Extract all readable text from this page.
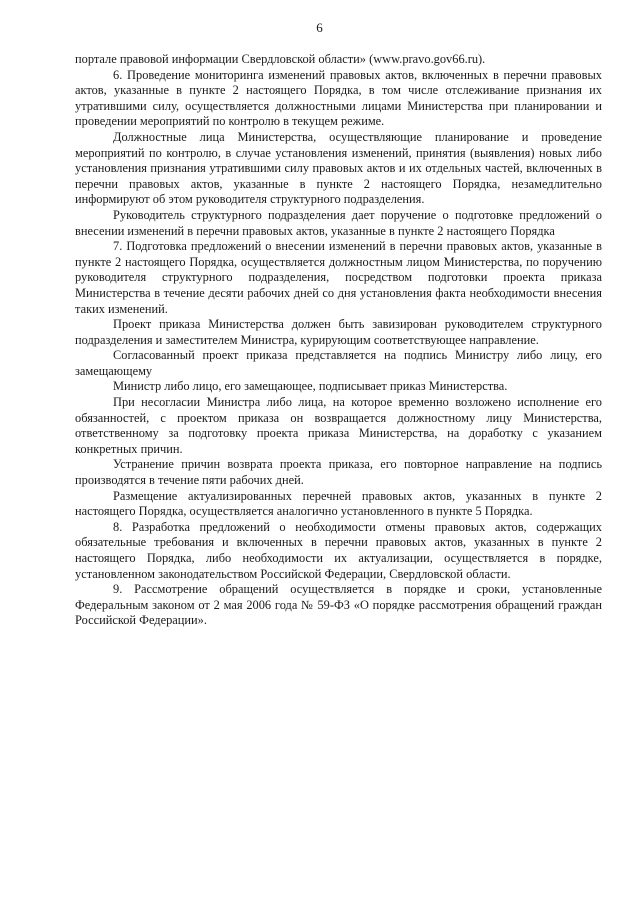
6

порталe правовой информации Свердловской области» (www.pravo.gov66.ru).

6. Проведение мониторинга изменений правовых актов, включенных в перечни правовых актов, указанные в пункте 2 настоящего Порядка, в том числе отслеживание признания их утратившими силу, осуществляется должностными лицами Министерства при планировании и проведении мероприятий по контролю в текущем режиме.

Должностные лица Министерства, осуществляющие планирование и проведение мероприятий по контролю, в случае установления изменений, принятия (выявления) новых либо установления признания утратившими силу правовых актов и их отдельных частей, включенных в перечни правовых актов, указанные в пункте 2 настоящего Порядка, незамедлительно информируют об этом руководителя структурного подразделения.

Руководитель структурного подразделения дает поручение о подготовке предложений о внесении изменений в перечни правовых актов, указанные в пункте 2 настоящего Порядка

7. Подготовка предложений о внесении изменений в перечни правовых актов, указанные в пункте 2 настоящего Порядка, осуществляется должностным лицом Министерства, по поручению руководителя структурного подразделения, посредством подготовки проекта приказа Министерства в течение десяти рабочих дней со дня установления факта необходимости внесения таких изменений.

Проект приказа Министерства должен быть завизирован руководителем структурного подразделения и заместителем Министра, курирующим соответствующее направление.

Согласованный проект приказа представляется на подпись Министру либо лицу, его замещающему

Министр либо лицо, его замещающее, подписывает приказ Министерства.

При несогласии Министра либо лица, на которое временно возложено исполнение его обязанностей, с проектом приказа он возвращается должностному лицу Министерства, ответственному за подготовку проекта приказа Министерства, на доработку с указанием конкретных причин.

Устранение причин возврата проекта приказа, его повторное направление на подпись производятся в течение пяти рабочих дней.

Размещение актуализированных перечней правовых актов, указанных в пункте 2 настоящего Порядка, осуществляется аналогично установленного в пункте 5 Порядка.

8. Разработка предложений о необходимости отмены правовых актов, содержащих обязательные требования и включенных в перечни правовых актов, указанных в пункте 2 настоящего Порядка, либо необходимости их актуализации, осуществляется в порядке, установленном законодательством Российской Федерации, Свердловской области.

9. Рассмотрение обращений осуществляется в порядке и сроки, установленные Федеральным законом от 2 мая 2006 года № 59-ФЗ «О порядке рассмотрения обращений граждан Российской Федерации».
